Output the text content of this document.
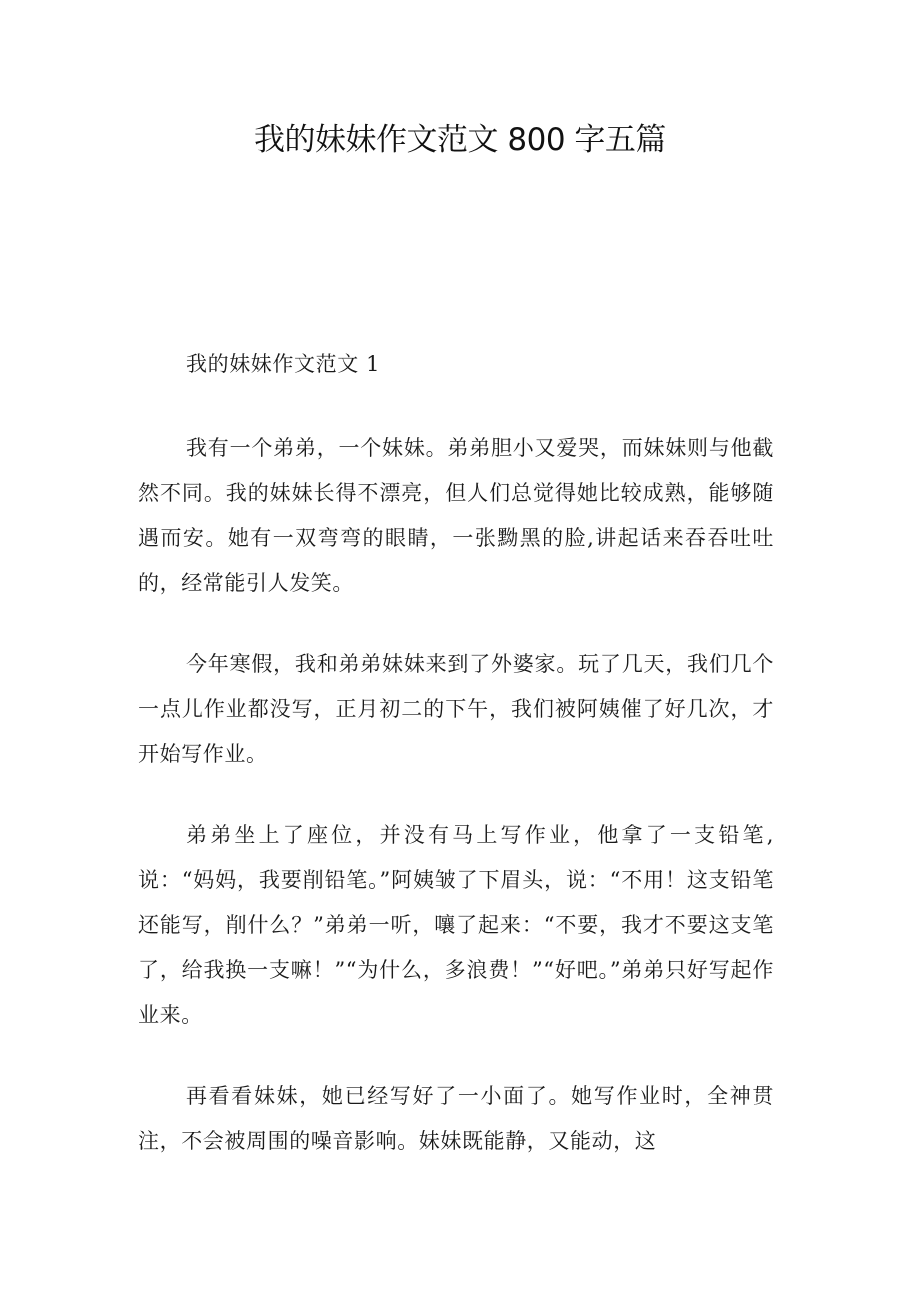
我的妹妹作文范文 800 字五篇
我的妹妹作文范文 1

我有一个弟弟，一个妹妹。弟弟胆小又爱哭，而妹妹则与他截然不同。我的妹妹长得不漂亮，但人们总觉得她比较成熟，能够随遇而安。她有一双弯弯的眼睛，一张黝黑的脸,讲起话来吞吞吐吐的，经常能引人发笑。

今年寒假，我和弟弟妹妹来到了外婆家。玩了几天，我们几个一点儿作业都没写，正月初二的下午，我们被阿姨催了好几次，才开始写作业。

弟弟坐上了座位，并没有马上写作业，他拿了一支铅笔,说：“妈妈，我要削铅笔。”阿姨皱了下眉头，说：“不用！这支铅笔还能写，削什么？”弟弟一听，嚷了起来：“不要，我才不要这支笔了，给我换一支嘛！”“为什么，多浪费！”“好吧。”弟弟只好写起作业来。

再看看妹妹，她已经写好了一小面了。她写作业时，全神贯注，不会被周围的噪音影响。妹妹既能静，又能动，这
